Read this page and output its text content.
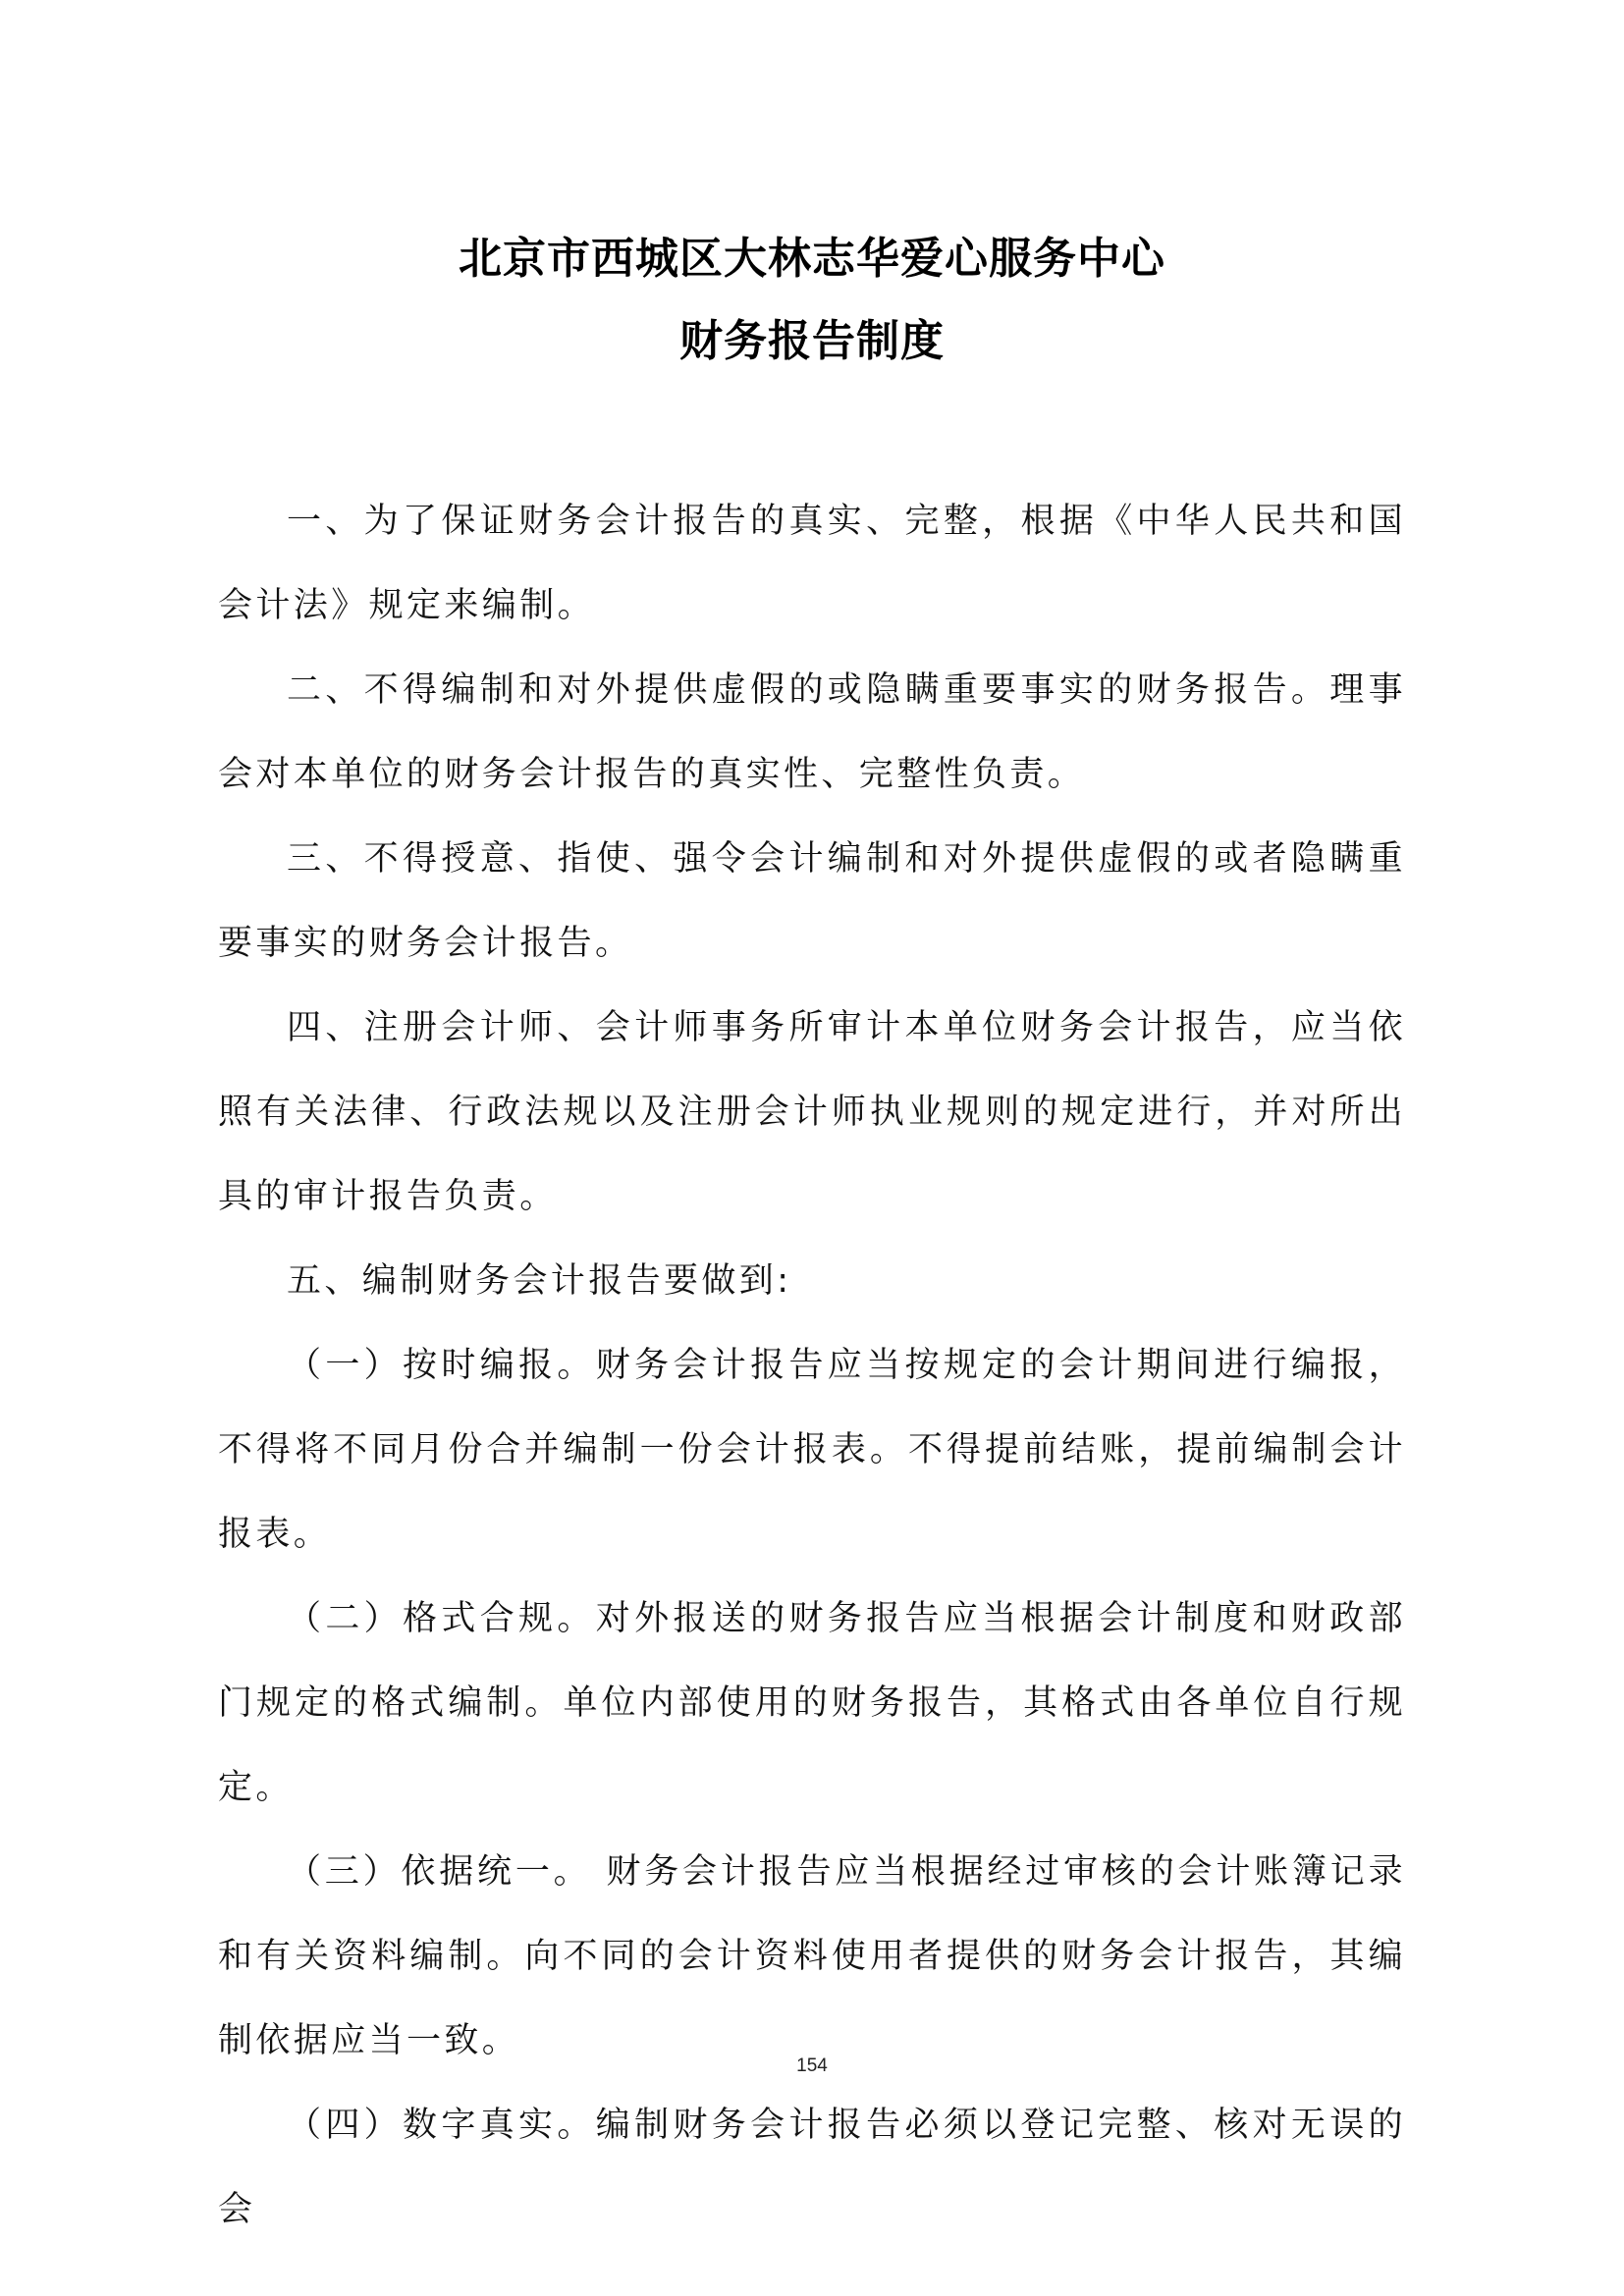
北京市西城区大林志华爱心服务中心

财务报告制度

一、为了保证财务会计报告的真实、完整，根据《中华人民共和国会计法》规定来编制。

二、不得编制和对外提供虚假的或隐瞒重要事实的财务报告。理事会对本单位的财务会计报告的真实性、完整性负责。

三、不得授意、指使、强令会计编制和对外提供虚假的或者隐瞒重要事实的财务会计报告。

四、注册会计师、会计师事务所审计本单位财务会计报告，应当依照有关法律、行政法规以及注册会计师执业规则的规定进行，并对所出具的审计报告负责。

五、编制财务会计报告要做到:

（一）按时编报。财务会计报告应当按规定的会计期间进行编报，不得将不同月份合并编制一份会计报表。不得提前结账，提前编制会计报表。

（二）格式合规。对外报送的财务报告应当根据会计制度和财政部门规定的格式编制。单位内部使用的财务报告，其格式由各单位自行规定。

（三）依据统一。 财务会计报告应当根据经过审核的会计账簿记录和有关资料编制。向不同的会计资料使用者提供的财务会计报告，其编制依据应当一致。

（四）数字真实。编制财务会计报告必须以登记完整、核对无误的会

154
